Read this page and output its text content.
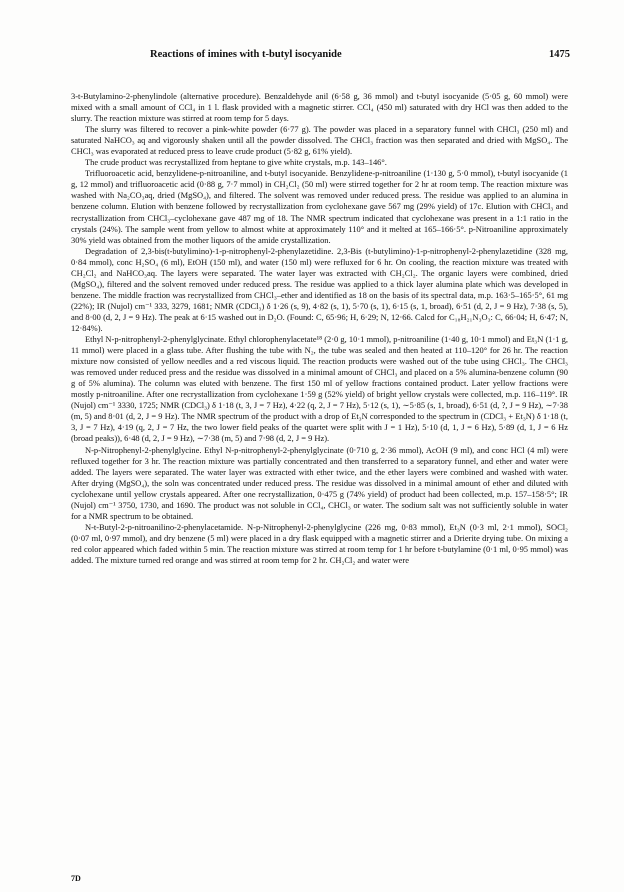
Reactions of imines with t-butyl isocyanide	1475

3-t-Butylamino-2-phenylindole (alternative procedure). Benzaldehyde anil (6·58 g, 36 mmol) and t-butyl isocyanide (5·05 g, 60 mmol) were mixed with a small amount of CCl₄ in 1 l. flask provided with a magnetic stirrer. CCl₄ (450 ml) saturated with dry HCl was then added to the slurry. The reaction mixture was stirred at room temp for 5 days.

The slurry was filtered to recover a pink-white powder (6·77 g). The powder was placed in a separatory funnel with CHCl₃ (250 ml) and saturated NaHCO₃ aq and vigorously shaken until all the powder dissolved. The CHCl₃ fraction was then separated and dried with MgSO₄. The CHCl₃ was evaporated at reduced press to leave crude product (5·82 g, 61% yield).

The crude product was recrystallized from heptane to give white crystals, m.p. 143–146°.

Trifluoroacetic acid, benzylidene-p-nitroaniline, and t-butyl isocyanide. Benzylidene-p-nitroaniline (1·130 g, 5·0 mmol), t-butyl isocyanide (1 g, 12 mmol) and trifluoroacetic acid (0·88 g, 7·7 mmol) in CH₂Cl₂ (50 ml) were stirred together for 2 hr at room temp. The reaction mixture was washed with Na₂CO₃aq, dried (MgSO₄), and filtered. The solvent was removed under reduced press. The residue was applied to an alumina in benzene column. Elution with benzene followed by recrystallization from cyclohexane gave 567 mg (29% yield) of 17c. Elution with CHCl₃ and recrystallization from CHCl₃–cyclohexane gave 487 mg of 18. The NMR spectrum indicated that cyclohexane was present in a 1:1 ratio in the crystals (24%). The sample went from yellow to almost white at approximately 110° and it melted at 165–166·5°. p-Nitroaniline approximately 30% yield was obtained from the mother liquors of the amide crystallization.

Degradation of 2,3-bis(t-butylimino)-1-p-nitrophenyl-2-phenylazetidine. 2,3-Bis (t-butylimino)-1-p-nitrophenyl-2-phenylazetidine (328 mg, 0·84 mmol), conc H₂SO₄ (6 ml), EtOH (150 ml), and water (150 ml) were refluxed for 6 hr. On cooling, the reaction mixture was treated with CH₂Cl₂ and NaHCO₃aq. The layers were separated. The water layer was extracted with CH₂Cl₂. The organic layers were combined, dried (MgSO₄), filtered and the solvent removed under reduced press. The residue was applied to a thick layer alumina plate which was developed in benzene. The middle fraction was recrystallized from CHCl₃–ether and identified as 18 on the basis of its spectral data, m.p. 163·5–165·5°, 61 mg (22%); IR (Nujol) cm⁻¹ 333, 3279, 1681; NMR (CDCl₃) δ 1·26 (s, 9), 4·82 (s, 1), 5·70 (s, 1), 6·15 (s, 1, broad), 6·51 (d, 2, J = 9 Hz), 7·38 (s, 5), and 8·00 (d, 2, J = 9 Hz). The peak at 6·15 washed out in D₂O. (Found: C, 65·96; H, 6·29; N, 12·66. Calcd for C₁₈H₂₁N₃O₃: C, 66·04; H, 6·47; N, 12·84%).

Ethyl N-p-nitrophenyl-2-phenylglycinate. Ethyl chlorophenylacetate¹⁸ (2·0 g, 10·1 mmol), p-nitroaniline (1·40 g, 10·1 mmol) and Et₃N (1·1 g, 11 mmol) were placed in a glass tube. After flushing the tube with N₂, the tube was sealed and then heated at 110–120° for 26 hr. The reaction mixture now consisted of yellow needles and a red viscous liquid. The reaction products were washed out of the tube using CHCl₃. The CHCl₃ was removed under reduced press and the residue was dissolved in a minimal amount of CHCl₃ and placed on a 5% alumina-benzene column (90 g of 5% alumina). The column was eluted with benzene. The first 150 ml of yellow fractions contained product. Later yellow fractions were mostly p-nitroaniline. After one recrystallization from cyclohexane 1·59 g (52% yield) of bright yellow crystals were collected, m.p. 116–119°. IR (Nujol) cm⁻¹ 3330, 1725; NMR (CDCl₃) δ 1·18 (t, 3, J = 7 Hz), 4·22 (q, 2, J = 7 Hz), 5·12 (s, 1), ∼5·85 (s, 1, broad), 6·51 (d, ?, J = 9 Hz), ∼7·38 (m, 5) and 8·01 (d, 2, J = 9 Hz). The NMR spectrum of the product with a drop of Et₃N corresponded to the spectrum in (CDCl₃ + Et₃N) δ 1·18 (t, 3, J = 7 Hz), 4·19 (q, 2, J = 7 Hz, the two lower field peaks of the quartet were split with J = 1 Hz), 5·10 (d, 1, J = 6 Hz), 5·89 (d, 1, J = 6 Hz (broad peaks)), 6·48 (d, 2, J = 9 Hz), ∼7·38 (m, 5) and 7·98 (d, 2, J = 9 Hz).

N-p-Nitrophenyl-2-phenylglycine. Ethyl N-p-nitrophenyl-2-phenylglycinate (0·710 g, 2·36 mmol), AcOH (9 ml), and conc HCl (4 ml) were refluxed together for 3 hr. The reaction mixture was partially concentrated and then transferred to a separatory funnel, and ether and water were added. The layers were separated. The water layer was extracted with ether twice, and the ether layers were combined and washed with water. After drying (MgSO₄), the soln was concentrated under reduced press. The residue was dissolved in a minimal amount of ether and diluted with cyclohexane until yellow crystals appeared. After one recrystallization, 0·475 g (74% yield) of product had been collected, m.p. 157–158·5°; IR (Nujol) cm⁻¹ 3750, 1730, and 1690. The product was not soluble in CCl₄, CHCl₃ or water. The sodium salt was not sufficiently soluble in water for a NMR spectrum to be obtained.

N-t-Butyl-2-p-nitroanilino-2-phenylacetamide. N-p-Nitrophenyl-2-phenylglycine (226 mg, 0·83 mmol), Et₃N (0·3 ml, 2·1 mmol), SOCl₂ (0·07 ml, 0·97 mmol), and dry benzene (5 ml) were placed in a dry flask equipped with a magnetic stirrer and a Drierite drying tube. On mixing a red color appeared which faded within 5 min. The reaction mixture was stirred at room temp for 1 hr before t-butylamine (0·1 ml, 0·95 mmol) was added. The mixture turned red orange and was stirred at room temp for 2 hr. CH₂Cl₂ and water were

7D
